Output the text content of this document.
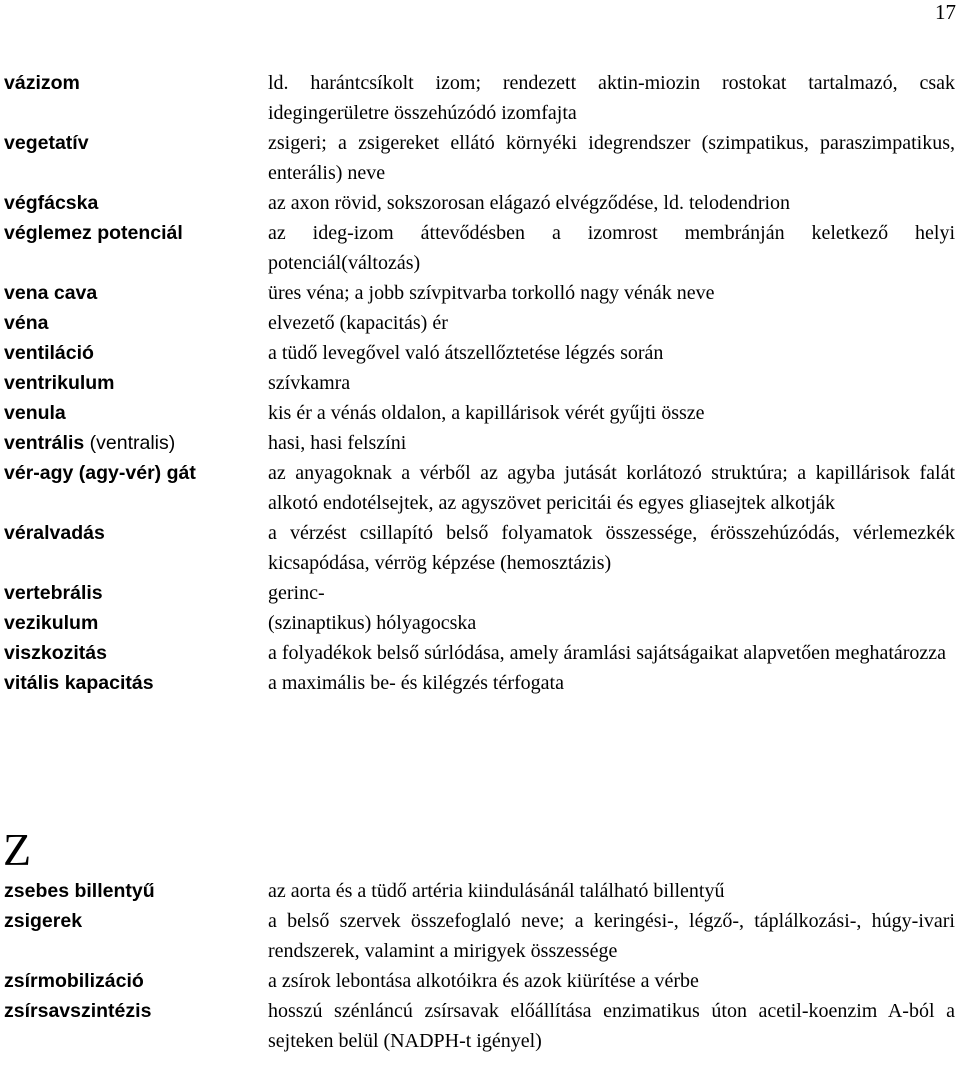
17
vázizom	ld. harántcsíkolt izom; rendezett aktin-miozin rostokat tartalmazó, csak idegingerületre összehúzódó izomfajta
vegetatív	zsigeri; a zsigereket ellátó környéki idegrendszer (szimpatikus, paraszimpatikus, enterális) neve
végfácska	az axon rövid, sokszorosan elágazó elvégződése, ld. telodendrion
véglemez potenciál	az ideg-izom áttevődésben a izomrost membránján keletkező helyi potenciál(változás)
vena cava	üres véna; a jobb szívpitvarba torkolló nagy vénák neve
véna	elvezető (kapacitás) ér
ventiláció	a tüdő levegővel való átszellőztetése légzés során
ventrikulum	szívkamra
venula	kis ér a vénás oldalon, a kapillárisok vérét gyűjti össze
ventrális (ventralis)	hasi, hasi felszíni
vér-agy (agy-vér) gát	az anyagoknak a vérből az agyba jutását korlátozó struktúra; a kapillárisok falát alkotó endotélsejtek, az agyszövet pericitái és egyes gliasejtek alkotják
véralvadás	a vérzést csillapító belső folyamatok összessége, érösszehúzódás, vérlemezkék kicsapódása, vérrög képzése (hemosztázis)
vertebrális	gerinc-
vezikulum	(szinaptikus) hólyagocska
viszkozitás	a folyadékok belső súrlódása, amely áramlási sajátságaikat alapvetően meghatározza
vitális kapacitás	a maximális be- és kilégzés térfogata
Z
zsebes billentyű	az aorta és a tüdő artéria kiindulásánál található billentyű
zsigerek	a belső szervek összefoglaló neve; a keringési-, légző-, táplálkozási-, húgy-ivari rendszerek, valamint a mirigyek összessége
zsírmobilizáció	a zsírok lebontása alkotóikra és azok kiürítése a vérbe
zsírsavszintézis	hosszú szénláncú zsírsavak előállítása enzimatikus úton acetil-koenzim A-ból a sejteken belül (NADPH-t igényel)
